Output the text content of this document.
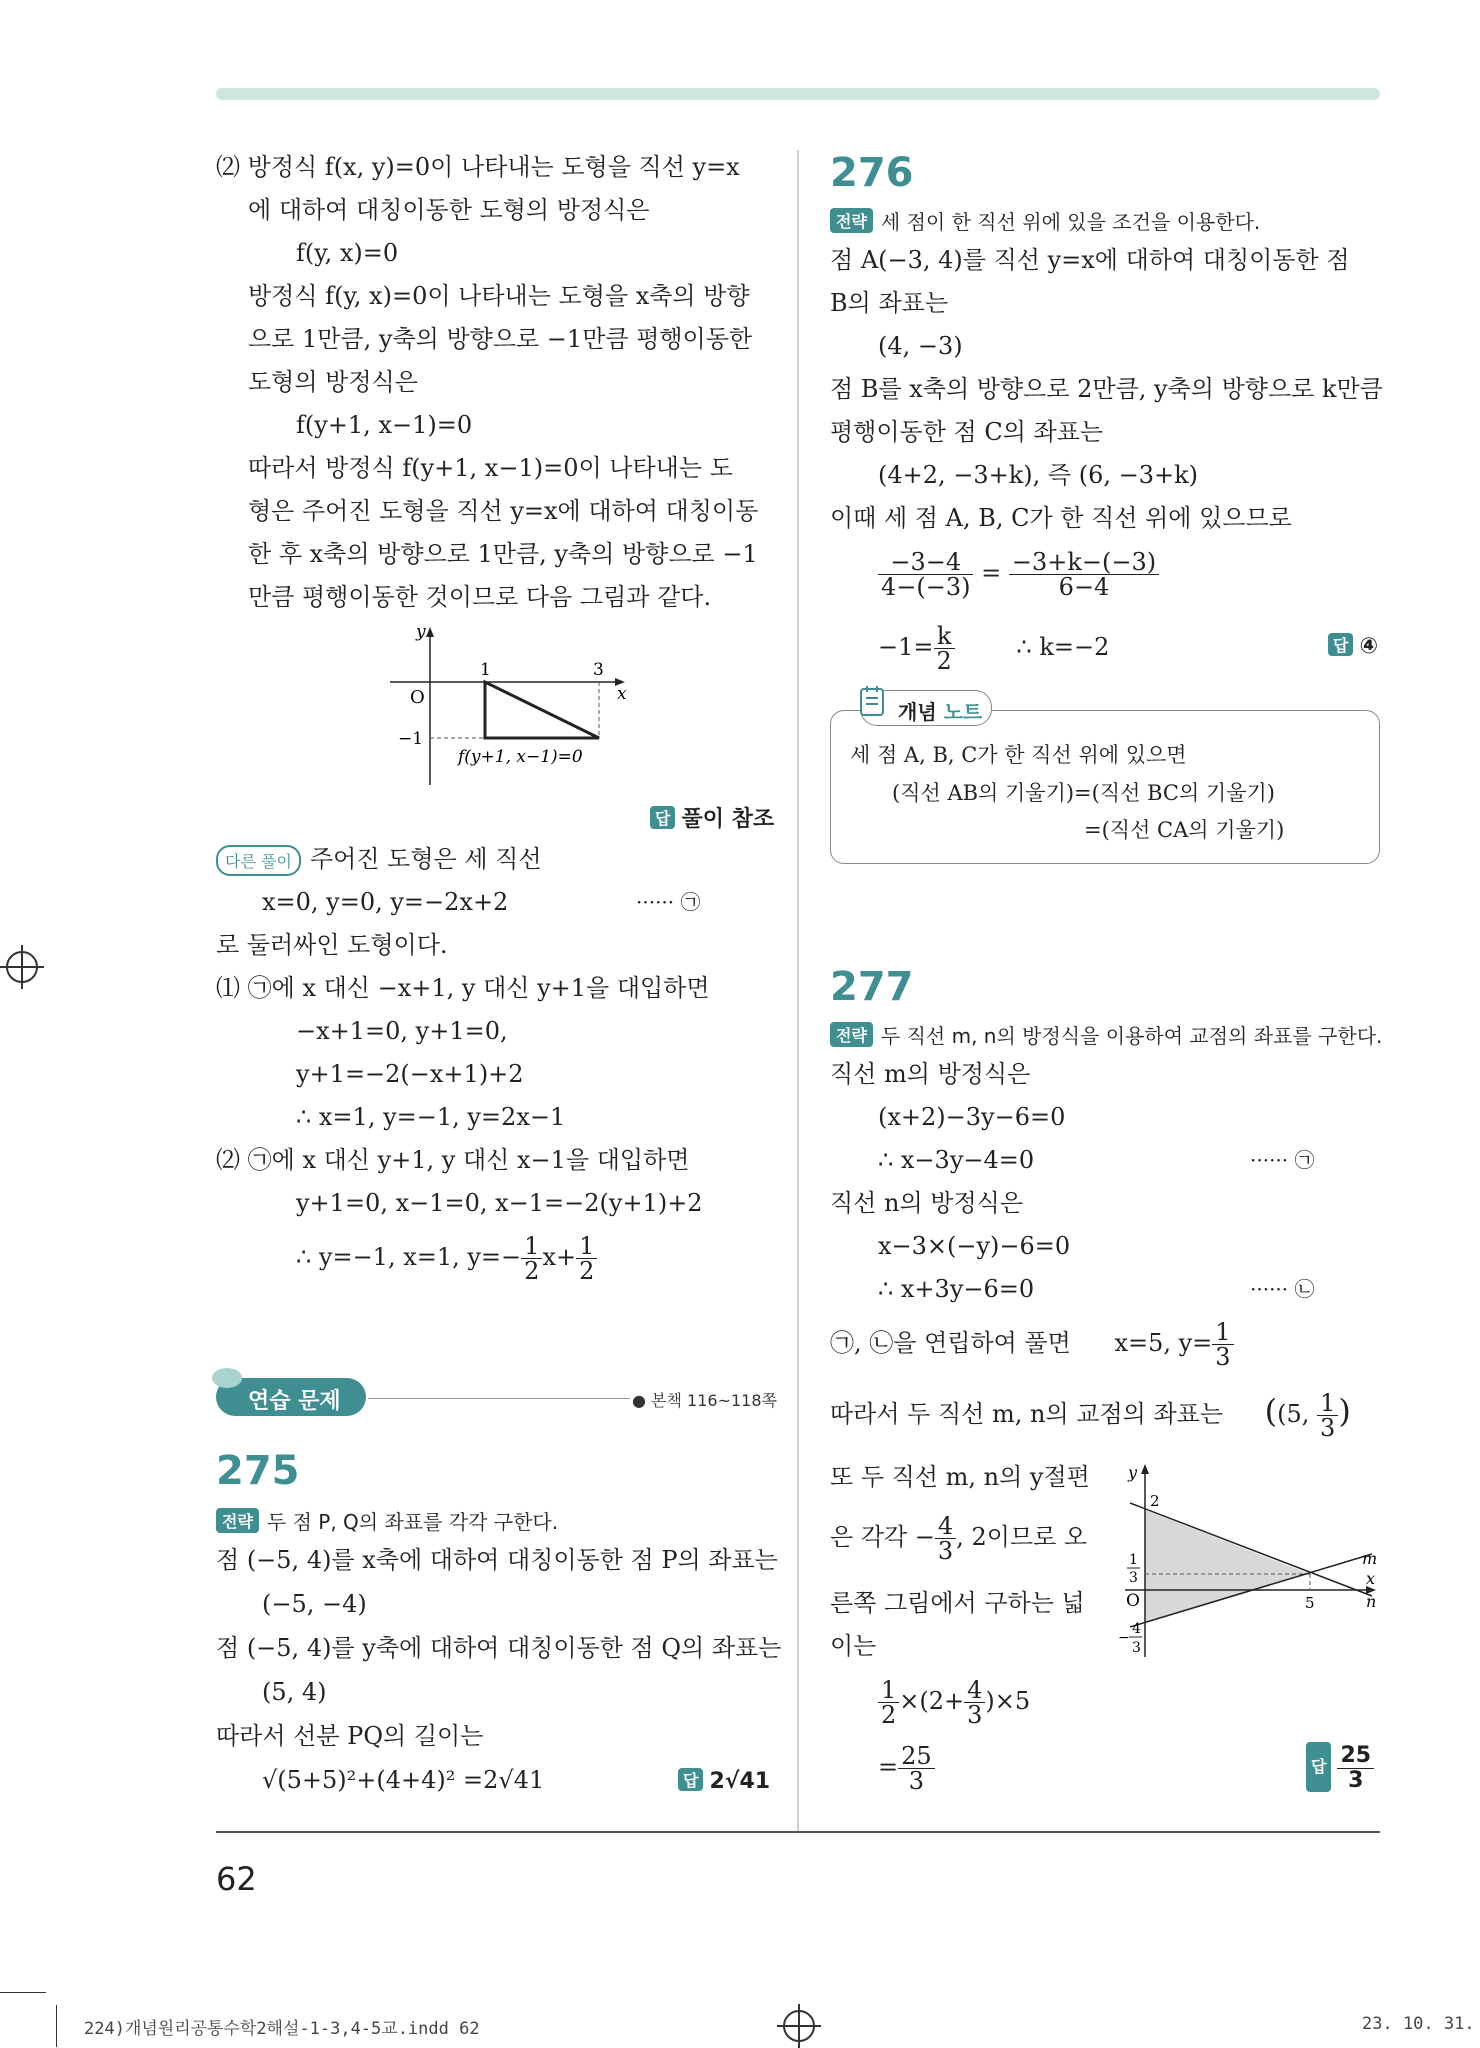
⑵ 방정식 f(x, y)=0이 나타내는 도형을 직선 y=x
에 대하여 대칭이동한 도형의 방정식은
f(y, x)=0
방정식 f(y, x)=0이 나타내는 도형을 x축의 방향
으로 1만큼, y축의 방향으로 −1만큼 평행이동한
도형의 방정식은
f(y+1, x−1)=0
따라서 방정식 f(y+1, x−1)=0이 나타내는 도
형은 주어진 도형을 직선 y=x에 대하여 대칭이동
한 후 x축의 방향으로 1만큼, y축의 방향으로 −1
만큼 평행이동한 것이므로 다음 그림과 같다.
y
x
O
1	3
−1
f(y+1, x−1)=0
답 풀이 참조
다른 풀이 주어진 도형은 세 직선
x=0, y=0, y=−2x+2	······ ㉠
로 둘러싸인 도형이다.
⑴ ㉠에 x 대신 −x+1, y 대신 y+1을 대입하면
−x+1=0, y+1=0,
y+1=−2(−x+1)+2
∴ x=1, y=−1, y=2x−1
⑵ ㉠에 x 대신 y+1, y 대신 x−1을 대입하면
y+1=0, x−1=0, x−1=−2(y+1)+2
∴ y=−1, x=1, $y=- \frac{1}{2} x+ \frac{1}{2}$
연습 문제	● 본책 116~118쪽
275
전략 두 점 P, Q의 좌표를 각각 구한다.
점 (−5, 4)를 x축에 대하여 대칭이동한 점 P의 좌표는
(−5, −4)
점 (−5, 4)를 y축에 대하여 대칭이동한 점 Q의 좌표는
(5, 4)
따라서 선분 PQ의 길이는
√(5+5)²+(4+4)² =2√41	답 2√41
276
전략 세 점이 한 직선 위에 있을 조건을 이용한다.
점 A(−3, 4)를 직선 y=x에 대하여 대칭이동한 점
B의 좌표는
(4, −3)
점 B를 x축의 방향으로 2만큼, y축의 방향으로 k만큼
평행이동한 점 C의 좌표는
(4+2, −3+k), 즉 (6, −3+k)
이때 세 점 A, B, C가 한 직선 위에 있으므로
$\frac{-3-4}{4-(-3)} = \frac{-3+k-(-3)}{6-4}$
$-1= \frac{k}{2}$	∴ k=−2	답 ④
개념 노트
세 점 A, B, C가 한 직선 위에 있으면
(직선 AB의 기울기)=(직선 BC의 기울기)
=(직선 CA의 기울기)
277
전략 두 직선 m, n의 방정식을 이용하여 교점의 좌표를 구한다.
직선 m의 방정식은
(x+2)−3y−6=0
∴ x−3y−4=0	······ ㉠
직선 n의 방정식은
x−3×(−y)−6=0
∴ x+3y−6=0	······ ㉡
㉠, ㉡을 연립하여 풀면 x=5, $y= \frac{1}{3}$
따라서 두 직선 m, n의 교점의 좌표는 ((5, $\frac{1}{3}$ )
또 두 직선 m, n의 y절편
은 각각 − $\frac{4}{3}$ , 2이므로 오
른쪽 그림에서 구하는 넓
이는
$\frac{1}{2} \times(2+ \frac{4}{3} )\times 5$
= $\frac{25}{3}$	답 $\frac{25}{3}$
y
x
O
2
1
3
5
−
4
3
m
n
62
224)개념원리공통수학2해설-1-3,4-5교.indd 62	23. 10. 31.
